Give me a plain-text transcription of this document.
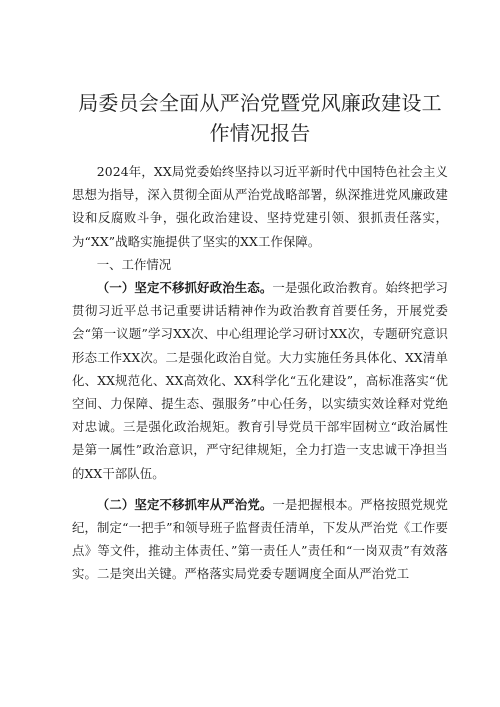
局委员会全面从严治党暨党风廉政建设工作情况报告

2024年，XX局党委始终坚持以习近平新时代中国特色社会主义思想为指导，深入贯彻全面从严治党战略部署，纵深推进党风廉政建设和反腐败斗争，强化政治建设、坚持党建引领、狠抓责任落实，为“XX”战略实施提供了坚实的XX工作保障。

一、工作情况

（一）坚定不移抓好政治生态。一是强化政治教育。始终把学习贯彻习近平总书记重要讲话精神作为政治教育首要任务，开展党委会“第一议题”学习XX次、中心组理论学习研讨XX次，专题研究意识形态工作XX次。二是强化政治自觉。大力实施任务具体化、XX清单化、XX规范化、XX高效化、XX科学化“五化建设”，高标准落实“优空间、力保障、提生态、强服务”中心任务，以实绩实效诠释对党绝对忠诚。三是强化政治规矩。教育引导党员干部牢固树立“政治属性是第一属性”政治意识，严守纪律规矩，全力打造一支忠诚干净担当的XX干部队伍。

（二）坚定不移抓牢从严治党。一是把握根本。严格按照党规党纪，制定“一把手”和领导班子监督责任清单，下发从严治党《工作要点》等文件，推动主体责任、”第一责任人”责任和“一岗双责”有效落实。二是突出关键。严格落实局党委专题调度全面从严治党工
